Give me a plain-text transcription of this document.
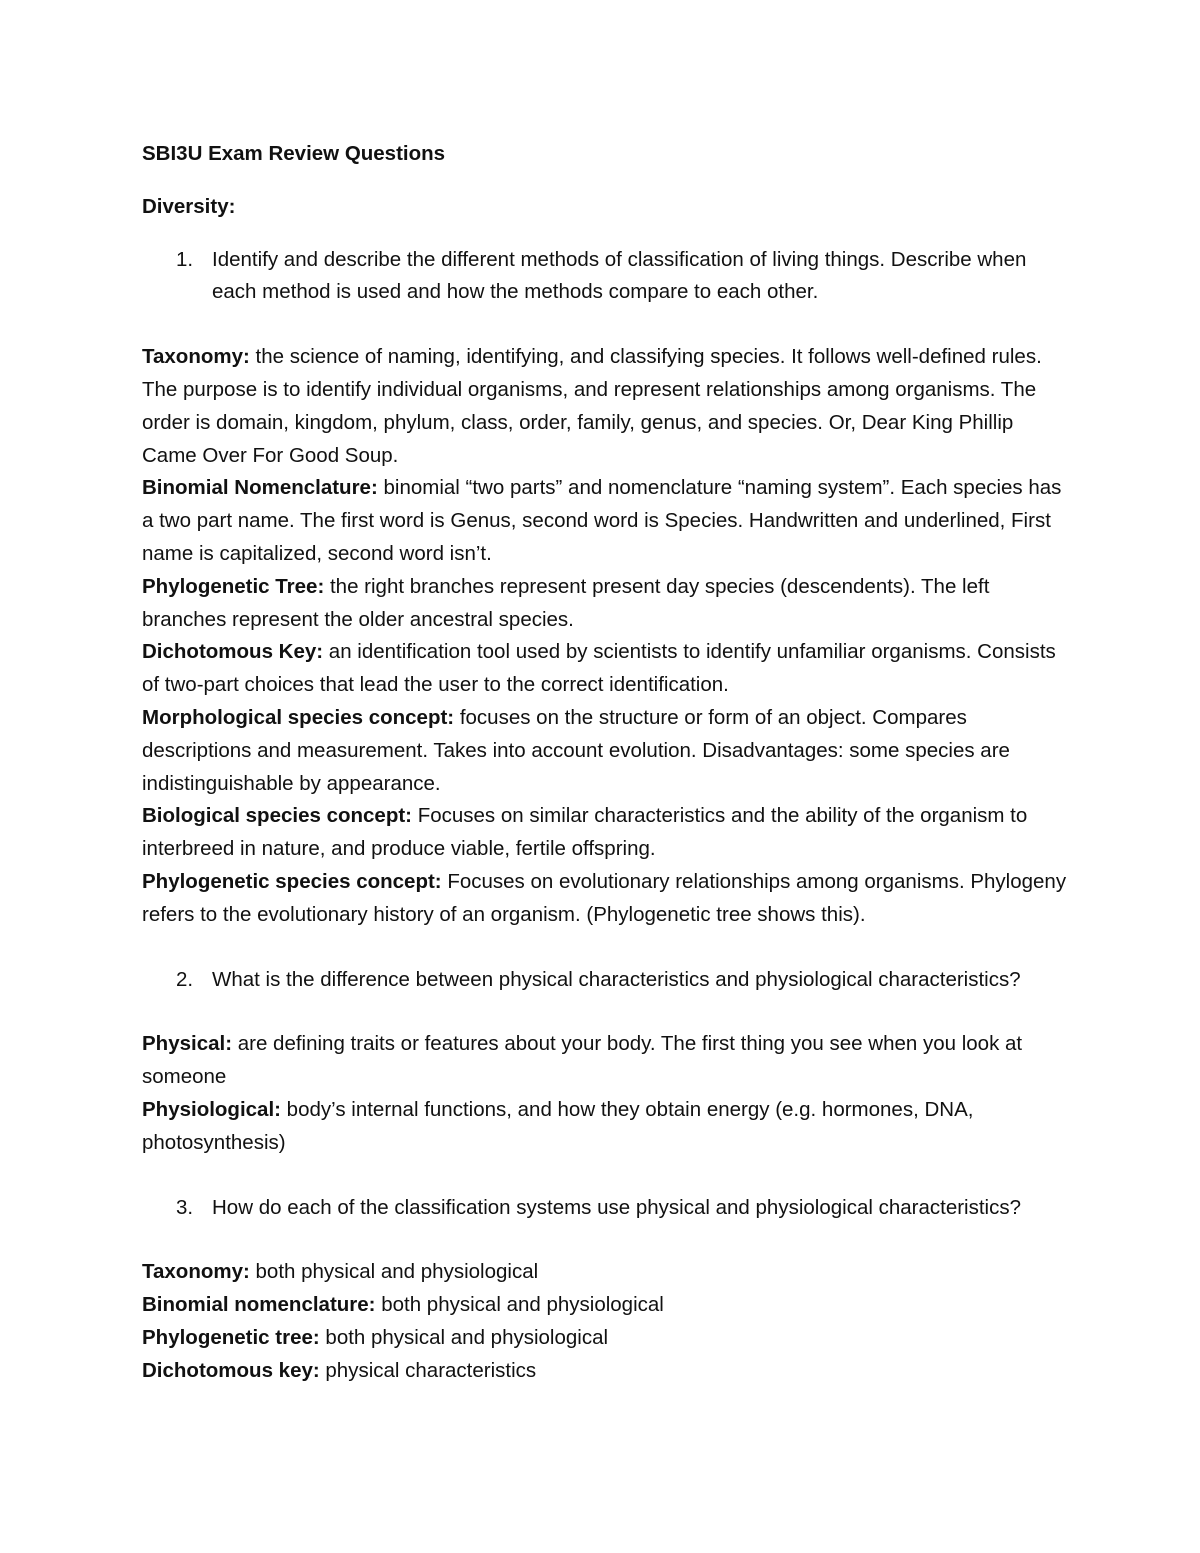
SBI3U Exam Review Questions

Diversity:

1. Identify and describe the different methods of classification of living things. Describe when each method is used and how the methods compare to each other.

Taxonomy: the science of naming, identifying, and classifying species. It follows well-defined rules. The purpose is to identify individual organisms, and represent relationships among organisms. The order is domain, kingdom, phylum, class, order, family, genus, and species. Or, Dear King Phillip Came Over For Good Soup.

Binomial Nomenclature: binomial “two parts” and nomenclature “naming system”. Each species has a two part name. The first word is Genus, second word is Species. Handwritten and underlined, First name is capitalized, second word isn’t.

Phylogenetic Tree: the right branches represent present day species (descendents). The left branches represent the older ancestral species.

Dichotomous Key: an identification tool used by scientists to identify unfamiliar organisms. Consists of two-part choices that lead the user to the correct identification.

Morphological species concept: focuses on the structure or form of an object. Compares descriptions and measurement. Takes into account evolution. Disadvantages: some species are indistinguishable by appearance.

Biological species concept: Focuses on similar characteristics and the ability of the organism to interbreed in nature, and produce viable, fertile offspring.

Phylogenetic species concept: Focuses on evolutionary relationships among organisms. Phylogeny refers to the evolutionary history of an organism. (Phylogenetic tree shows this).

2. What is the difference between physical characteristics and physiological characteristics?

Physical: are defining traits or features about your body. The first thing you see when you look at someone

Physiological: body’s internal functions, and how they obtain energy (e.g. hormones, DNA, photosynthesis)

3. How do each of the classification systems use physical and physiological characteristics?

Taxonomy: both physical and physiological

Binomial nomenclature: both physical and physiological

Phylogenetic tree: both physical and physiological

Dichotomous key: physical characteristics
